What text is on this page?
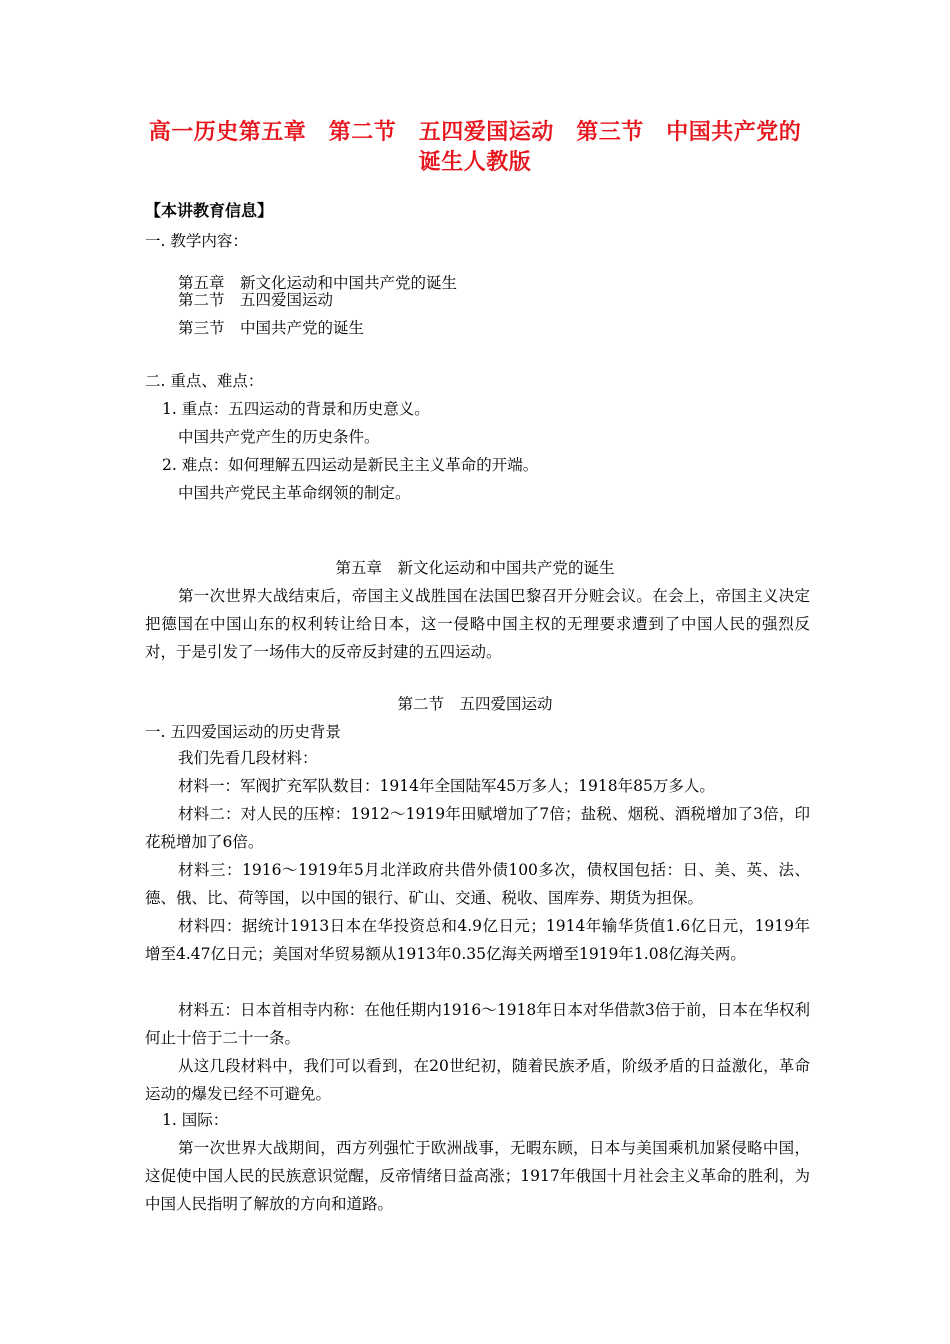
高一历史第五章　第二节　五四爱国运动　第三节　中国共产党的诞生人教版
【本讲教育信息】
一. 教学内容：
第五章　新文化运动和中国共产党的诞生
第二节　五四爱国运动
第三节　中国共产党的诞生
二. 重点、难点：
1. 重点：五四运动的背景和历史意义。
中国共产党产生的历史条件。
2. 难点：如何理解五四运动是新民主主义革命的开端。
中国共产党民主革命纲领的制定。
第五章　新文化运动和中国共产党的诞生
第一次世界大战结束后，帝国主义战胜国在法国巴黎召开分赃会议。在会上，帝国主义决定把德国在中国山东的权利转让给日本，这一侵略中国主权的无理要求遭到了中国人民的强烈反对，于是引发了一场伟大的反帝反封建的五四运动。
第二节　五四爱国运动
一. 五四爱国运动的历史背景
我们先看几段材料：
材料一：军阀扩充军队数目：1914年全国陆军45万多人；1918年85万多人。
材料二：对人民的压榨：1912～1919年田赋增加了7倍；盐税、烟税、酒税增加了3倍，印花税增加了6倍。
材料三：1916～1919年5月北洋政府共借外债100多次，债权国包括：日、美、英、法、德、俄、比、荷等国，以中国的银行、矿山、交通、税收、国库券、期货为担保。
材料四：据统计1913日本在华投资总和4.9亿日元；1914年输华货值1.6亿日元，1919年增至4.47亿日元；美国对华贸易额从1913年0.35亿海关两增至1919年1.08亿海关两。
材料五：日本首相寺内称：在他任期内1916～1918年日本对华借款3倍于前，日本在华权利何止十倍于二十一条。
从这几段材料中，我们可以看到，在20世纪初，随着民族矛盾，阶级矛盾的日益激化，革命运动的爆发已经不可避免。
1. 国际：
第一次世界大战期间，西方列强忙于欧洲战事，无暇东顾，日本与美国乘机加紧侵略中国，这促使中国人民的民族意识觉醒，反帝情绪日益高涨；1917年俄国十月社会主义革命的胜利，为中国人民指明了解放的方向和道路。
